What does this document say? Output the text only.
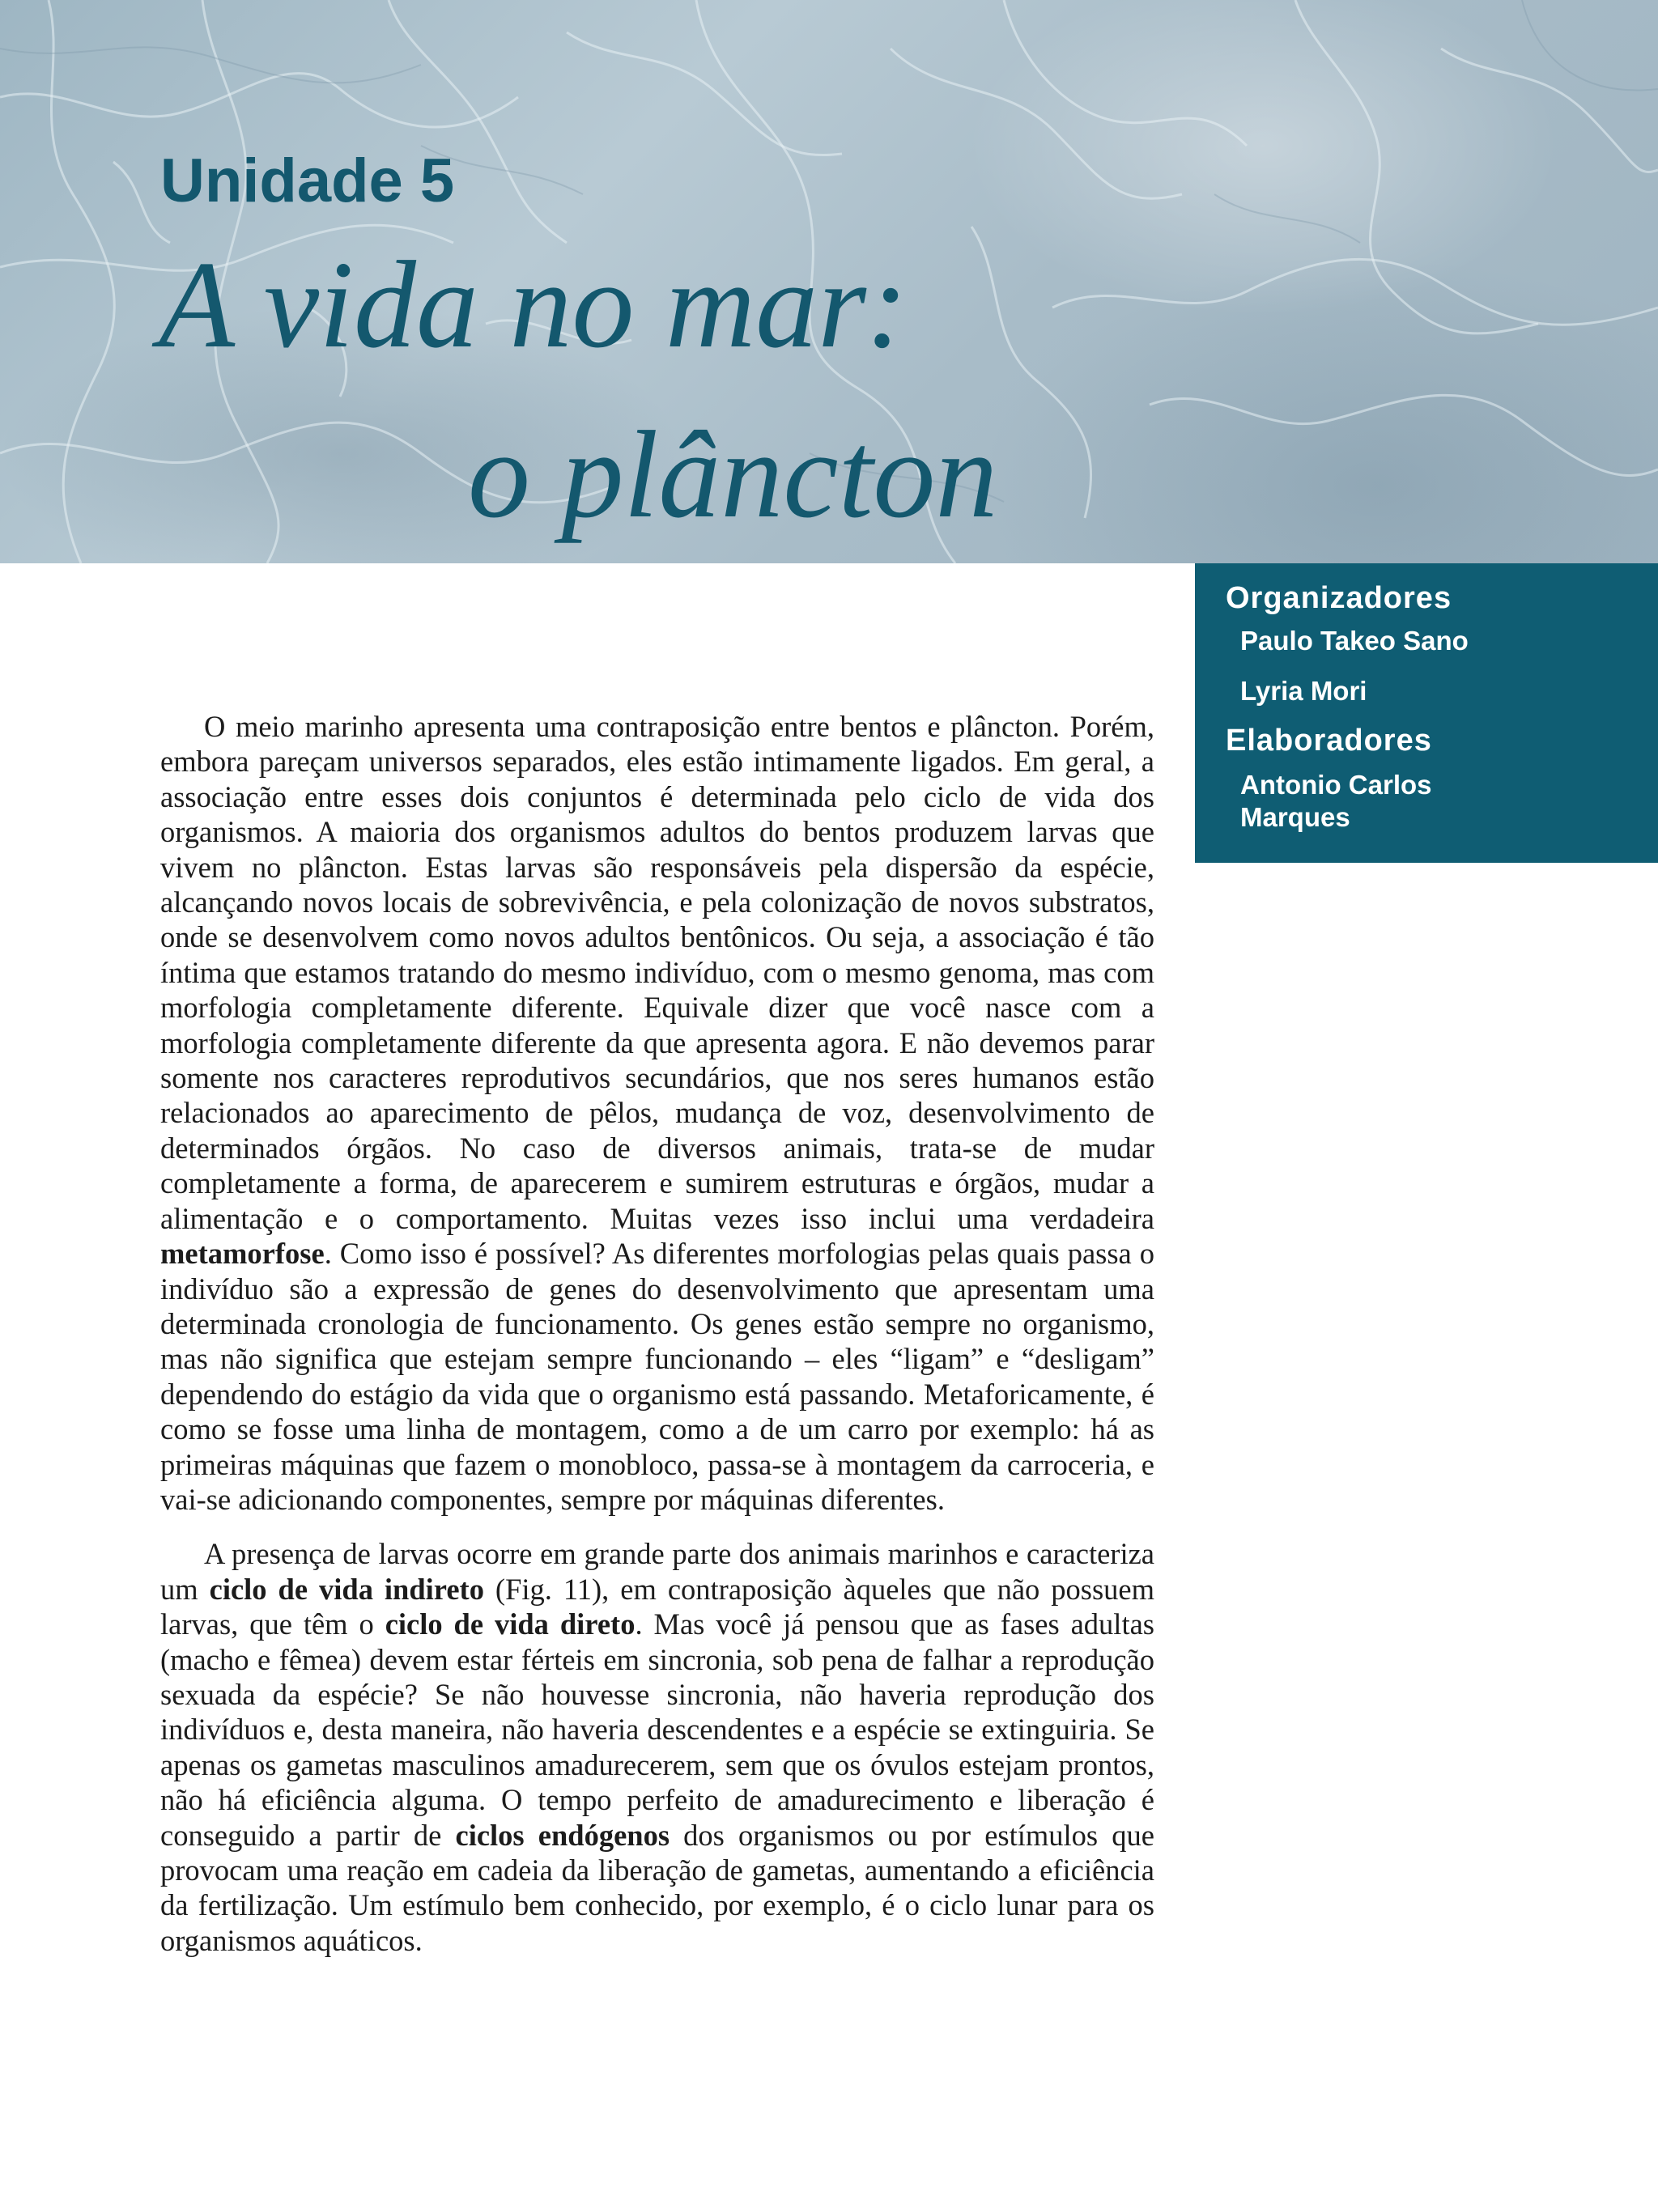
Unidade 5
A vida no mar:
o plâncton
Organizadores
Paulo Takeo Sano
Lyria Mori
Elaboradores
Antonio Carlos Marques

O meio marinho apresenta uma contraposição entre bentos e plâncton. Porém, embora pareçam universos separados, eles estão intimamente ligados. Em geral, a associação entre esses dois conjuntos é determinada pelo ciclo de vida dos organismos. A maioria dos organismos adultos do bentos produzem larvas que vivem no plâncton. Estas larvas são responsáveis pela dispersão da espécie, alcançando novos locais de sobrevivência, e pela colonização de novos substratos, onde se desenvolvem como novos adultos bentônicos. Ou seja, a associação é tão íntima que estamos tratando do mesmo indivíduo, com o mesmo genoma, mas com morfologia completamente diferente. Equivale dizer que você nasce com a morfologia completamente diferente da que apresenta agora. E não devemos parar somente nos caracteres reprodutivos secundários, que nos seres humanos estão relacionados ao aparecimento de pêlos, mudança de voz, desenvolvimento de determinados órgãos. No caso de diversos animais, trata-se de mudar completamente a forma, de aparecerem e sumirem estruturas e órgãos, mudar a alimentação e o comportamento. Muitas vezes isso inclui uma verdadeira metamorfose. Como isso é possível? As diferentes morfologias pelas quais passa o indivíduo são a expressão de genes do desenvolvimento que apresentam uma determinada cronologia de funcionamento. Os genes estão sempre no organismo, mas não significa que estejam sempre funcionando – eles “ligam” e “desligam” dependendo do estágio da vida que o organismo está passando. Metaforicamente, é como se fosse uma linha de montagem, como a de um carro por exemplo: há as primeiras máquinas que fazem o monobloco, passa-se à montagem da carroceria, e vai-se adicionando componentes, sempre por máquinas diferentes.

A presença de larvas ocorre em grande parte dos animais marinhos e caracteriza um ciclo de vida indireto (Fig. 11), em contraposição àqueles que não possuem larvas, que têm o ciclo de vida direto. Mas você já pensou que as fases adultas (macho e fêmea) devem estar férteis em sincronia, sob pena de falhar a reprodução sexuada da espécie? Se não houvesse sincronia, não haveria reprodução dos indivíduos e, desta maneira, não haveria descendentes e a espécie se extinguiria. Se apenas os gametas masculinos amadurecerem, sem que os óvulos estejam prontos, não há eficiência alguma. O tempo perfeito de amadurecimento e liberação é conseguido a partir de ciclos endógenos dos organismos ou por estímulos que provocam uma reação em cadeia da liberação de gametas, aumentando a eficiência da fertilização. Um estímulo bem conhecido, por exemplo, é o ciclo lunar para os organismos aquáticos.
